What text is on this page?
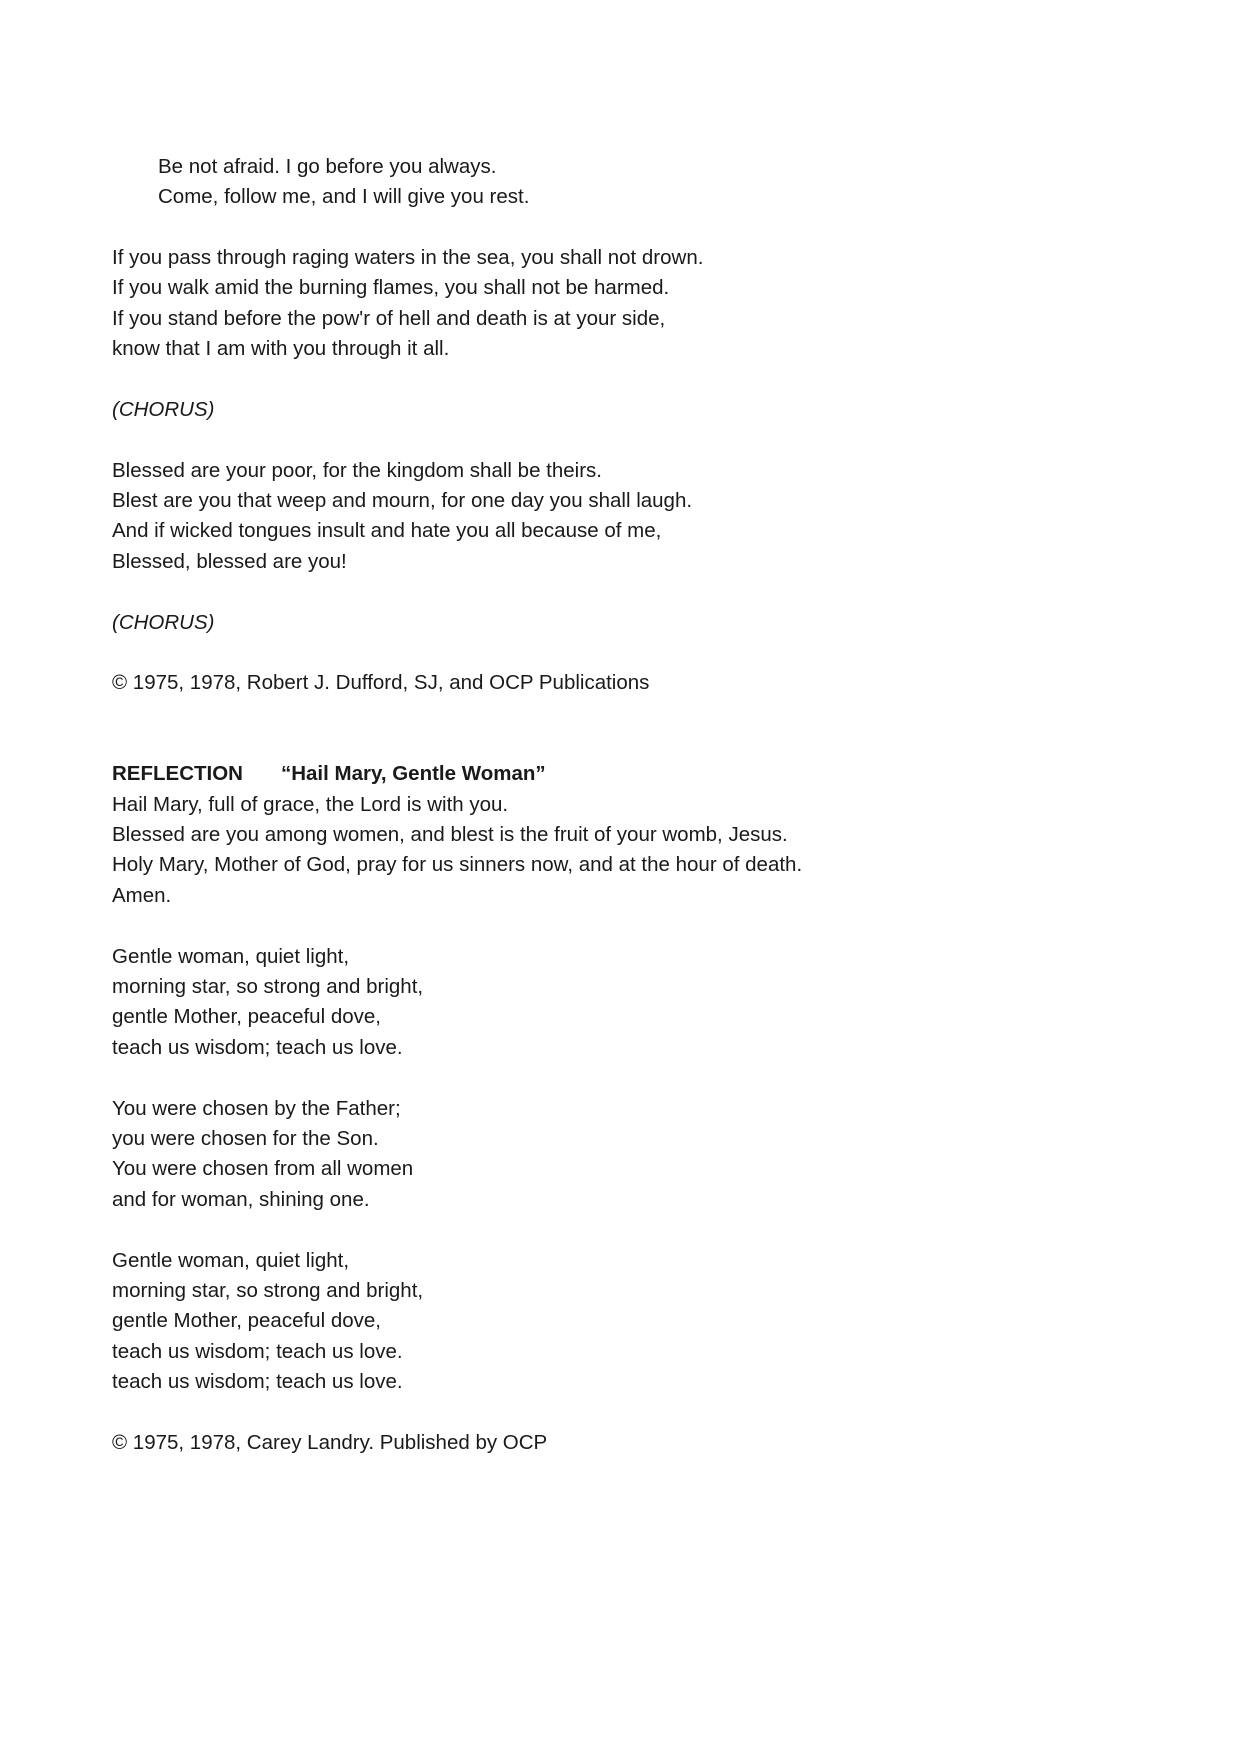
Be not afraid. I go before you always.
Come, follow me, and I will give you rest.
If you pass through raging waters in the sea, you shall not drown.
If you walk amid the burning flames, you shall not be harmed.
If you stand before the pow'r of hell and death is at your side,
know that I am with you through it all.
(CHORUS)
Blessed are your poor, for the kingdom shall be theirs.
Blest are you that weep and mourn, for one day you shall laugh.
And if wicked tongues insult and hate you all because of me,
Blessed, blessed are you!
(CHORUS)
© 1975, 1978, Robert J. Dufford, SJ, and OCP Publications
REFLECTION “Hail Mary, Gentle Woman”
Hail Mary, full of grace, the Lord is with you.
Blessed are you among women, and blest is the fruit of your womb, Jesus.
Holy Mary, Mother of God, pray for us sinners now, and at the hour of death.
Amen.
Gentle woman, quiet light,
morning star, so strong and bright,
gentle Mother, peaceful dove,
teach us wisdom; teach us love.
You were chosen by the Father;
you were chosen for the Son.
You were chosen from all women
and for woman, shining one.
Gentle woman, quiet light,
morning star, so strong and bright,
gentle Mother, peaceful dove,
teach us wisdom; teach us love.
teach us wisdom; teach us love.
© 1975, 1978, Carey Landry. Published by OCP
